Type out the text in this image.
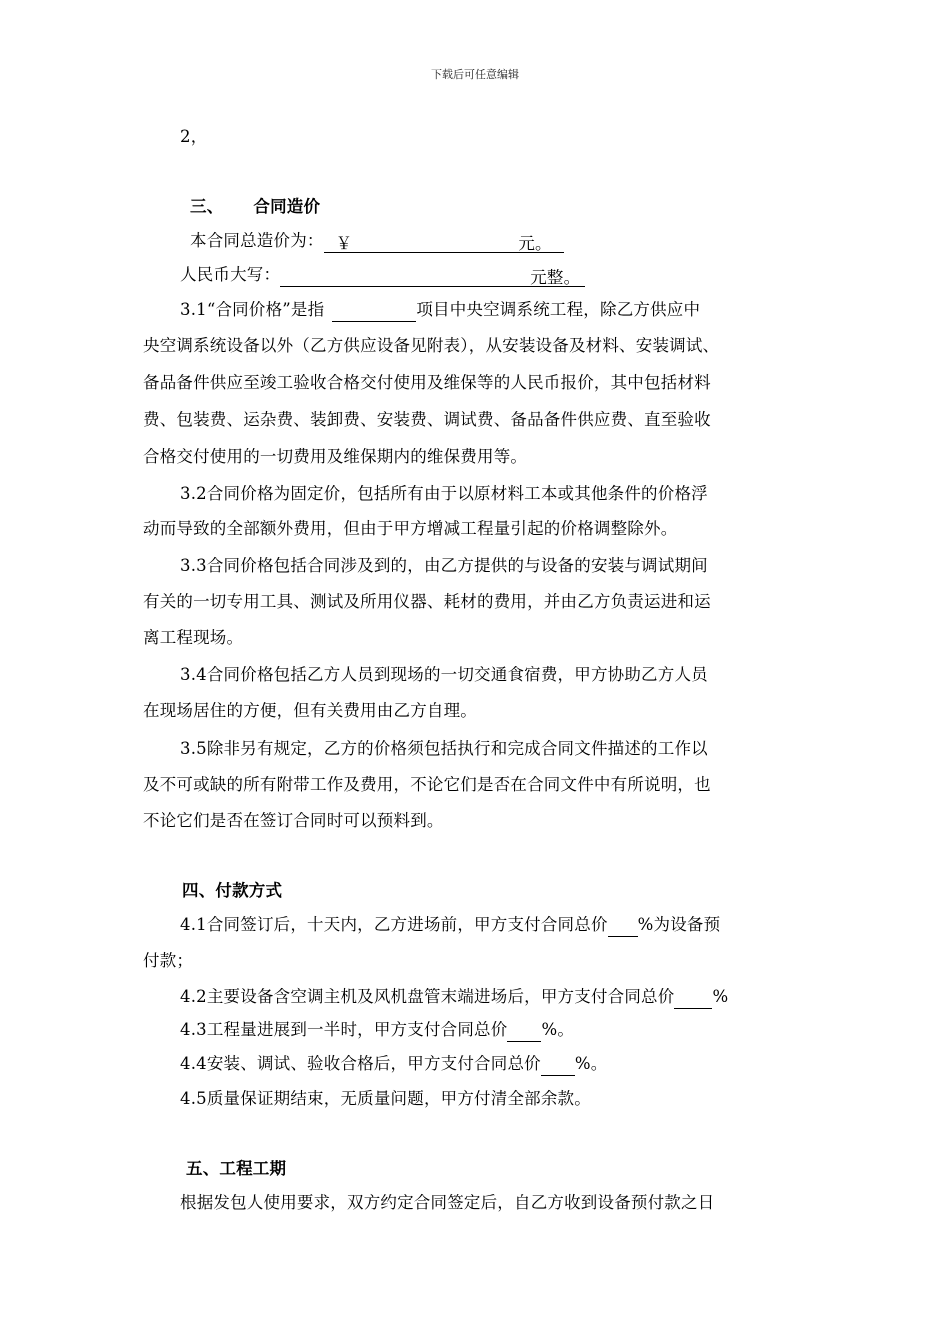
下载后可任意编辑
2，
三、 合同造价
本合同总造价为： ￥	元。
人民币大写：	元整。
3.1“合同价格”是指	项目中央空调系统工程，除乙方供应中
央空调系统设备以外（乙方供应设备见附表），从安装设备及材料、安装调试、
备品备件供应至竣工验收合格交付使用及维保等的人民币报价，其中包括材料
费、包装费、运杂费、装卸费、安装费、调试费、备品备件供应费、直至验收
合格交付使用的一切费用及维保期内的维保费用等。
3.2合同价格为固定价，包括所有由于以原材料工本或其他条件的价格浮
动而导致的全部额外费用，但由于甲方增减工程量引起的价格调整除外。
3.3合同价格包括合同涉及到的，由乙方提供的与设备的安装与调试期间
有关的一切专用工具、测试及所用仪器、耗材的费用，并由乙方负责运进和运
离工程现场。
3.4合同价格包括乙方人员到现场的一切交通食宿费，甲方协助乙方人员
在现场居住的方便，但有关费用由乙方自理。
3.5除非另有规定，乙方的价格须包括执行和完成合同文件描述的工作以
及不可或缺的所有附带工作及费用，不论它们是否在合同文件中有所说明，也
不论它们是否在签订合同时可以预料到。
四、付款方式
4.1合同签订后，十天内，乙方进场前，甲方支付合同总价 %为设备预
付款；
4.2主要设备含空调主机及风机盘管末端进场后，甲方支付合同总价 %
4.3工程量进展到一半时，甲方支付合同总价 %。
4.4安装、调试、验收合格后，甲方支付合同总价 %。
4.5质量保证期结束，无质量问题，甲方付清全部余款。
五、工程工期
根据发包人使用要求，双方约定合同签定后，自乙方收到设备预付款之日
